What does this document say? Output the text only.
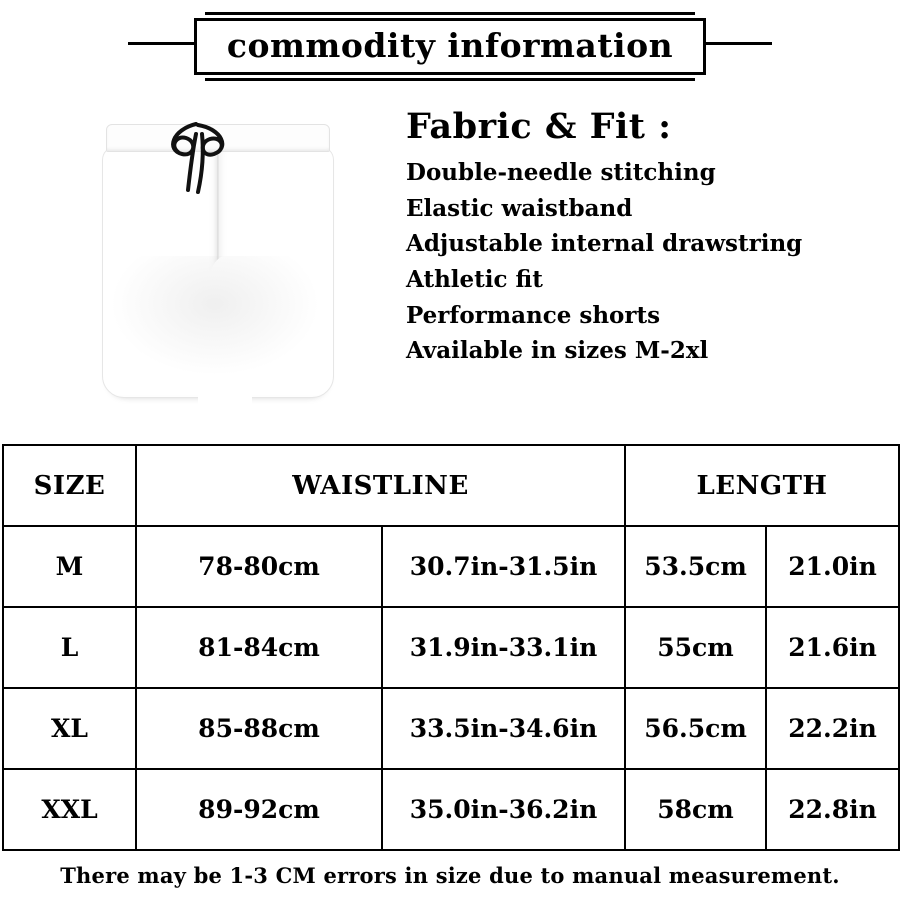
commodity information
Fabric & Fit :
Double-needle stitching
Elastic waistband
Adjustable internal drawstring
Athletic fit
Performance shorts
Available in sizes M-2xl
SIZE	WAISTLINE		LENGTH	
M	78-80cm	30.7in-31.5in	53.5cm	21.0in
L	81-84cm	31.9in-33.1in	55cm	21.6in
XL	85-88cm	33.5in-34.6in	56.5cm	22.2in
XXL	89-92cm	35.0in-36.2in	58cm	22.8in
There may be 1-3 CM errors in size due to manual measurement.
